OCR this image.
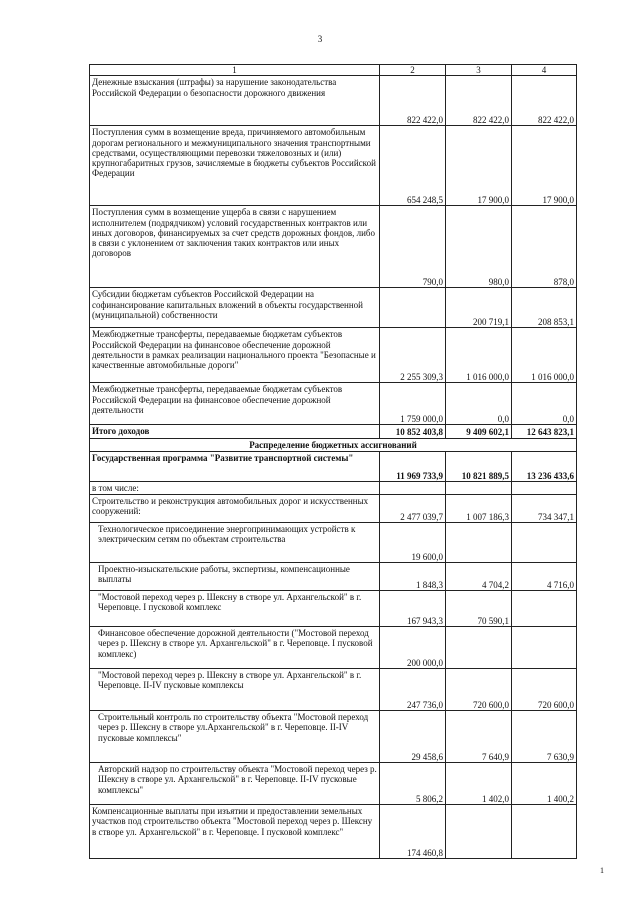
3
1	2	3	4
Денежные взыскания (штрафы) за нарушение законодательства Российской Федерации о безопасности дорожного движения	822 422,0	822 422,0	822 422,0
Поступления сумм в возмещение вреда, причиняемого автомобильным дорогам регионального и межмуниципального значения транспортными средствами, осуществляющими перевозки тяжеловозных и (или) крупногабаритных грузов, зачисляемые в бюджеты субъектов Российской Федерации	654 248,5	17 900,0	17 900,0
Поступления сумм в возмещение ущерба в связи с нарушением исполнителем (подрядчиком) условий государственных контрактов или иных договоров, финансируемых за счет средств дорожных фондов, либо в связи с уклонением от заключения таких контрактов или иных договоров	790,0	980,0	878,0
Субсидии бюджетам субъектов Российской Федерации на софинансирование капитальных вложений в объекты государственной (муниципальной) собственности		200 719,1	208 853,1
Межбюджетные трансферты, передаваемые бюджетам субъектов Российской Федерации на финансовое обеспечение дорожной деятельности в рамках реализации национального проекта "Безопасные и качественные автомобильные дороги"	2 255 309,3	1 016 000,0	1 016 000,0
Межбюджетные трансферты, передаваемые бюджетам субъектов Российской Федерации на финансовое обеспечение дорожной деятельности	1 759 000,0	0,0	0,0
Итого доходов	10 852 403,8	9 409 602,1	12 643 823,1
Распределение бюджетных ассигнований			
Государственная программа "Развитие транспортной системы"	11 969 733,9	10 821 889,5	13 236 433,6
в том числе:			
Строительство и реконструкция автомобильных дорог и искусственных сооружений:	2 477 039,7	1 007 186,3	734 347,1
Технологическое присоединение энергопринимающих устройств к электрическим сетям по объектам строительства	19 600,0		
Проектно-изыскательские работы, экспертизы, компенсационные выплаты	1 848,3	4 704,2	4 716,0
"Мостовой переход через р. Шексну в створе ул. Архангельской" в г. Череповце. I пусковой комплекс	167 943,3	70 590,1	
Финансовое обеспечение дорожной деятельности ("Мостовой переход через р. Шексну в створе ул. Архангельской" в г. Череповце. I пусковой комплекс)	200 000,0		
"Мостовой переход через р. Шексну в створе ул. Архангельской" в г. Череповце. II-IV пусковые комплексы	247 736,0	720 600,0	720 600,0
Строительный контроль по строительству объекта "Мостовой переход через р. Шексну в створе ул.Архангельской" в г. Череповце. II-IV пусковые комплексы"	29 458,6	7 640,9	7 630,9
Авторский надзор по строительству объекта "Мостовой переход через р. Шексну в створе ул. Архангельской" в г. Череповце. II-IV пусковые комплексы"	5 806,2	1 402,0	1 400,2
Компенсационные выплаты при изъятии и предоставлении земельных участков под строительство объекта "Мостовой переход через р. Шексну в створе ул. Архангельской" в г. Череповце. I пусковой комплекс"	174 460,8		
1
